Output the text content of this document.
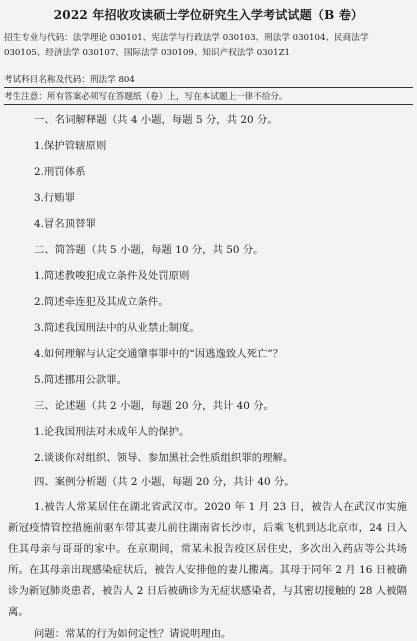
2022 年招收攻读硕士学位研究生入学考试试题（B 卷）
招生专业与代码：法学理论 030101、宪法学与行政法学 030103、刑法学 030104、民商法学
030105、经济法学 030107、国际法学 030109、知识产权法学 0301Z1
考试科目名称及代码：刑法学 804
考生注意：所有答案必须写在答题纸（卷）上，写在本试题上一律不给分。
一、名词解释题（共 4 小题，每题 5 分，共 20 分。
1.保护管辖原则
2.刑罚体系
3.行贿罪
4.冒名顶替罪
二、简答题（共 5 小题，每题 10 分，共 50 分。
1.简述教唆犯成立条件及处罚原则
2.简述牵连犯及其成立条件。
3.简述我国刑法中的从业禁止制度。
4.如何理解与认定交通肇事罪中的“因逃逸致人死亡”？
5.简述挪用公款罪。
三、论述题（共 2 小题，每题 20 分，共计 40 分。
1.论我国刑法对未成年人的保护。
2.谈谈你对组织、领导、参加黑社会性质组织罪的理解。
四、案例分析题（共 2 小题，每题 20 分，共计 40 分。
1.被告人常某居住在湖北省武汉市。2020 年 1 月 23 日，被告人在武汉市实施新冠疫情管控措施前驱车带其妻儿前往湖南省长沙市，后乘飞机到达北京市，24 日入住其母亲与哥哥的家中。在京期间，常某未报告疫区居住史，多次出入药店等公共场所。在其母亲出现感染症状后，被告人安排他的妻儿搬离。其母于同年 2 月 16 日被确诊为新冠肺炎患者，被告人 2 日后被确诊为无症状感染者，与其密切接触的 28 人被隔离。
问题：常某的行为如何定性？请说明理由。
